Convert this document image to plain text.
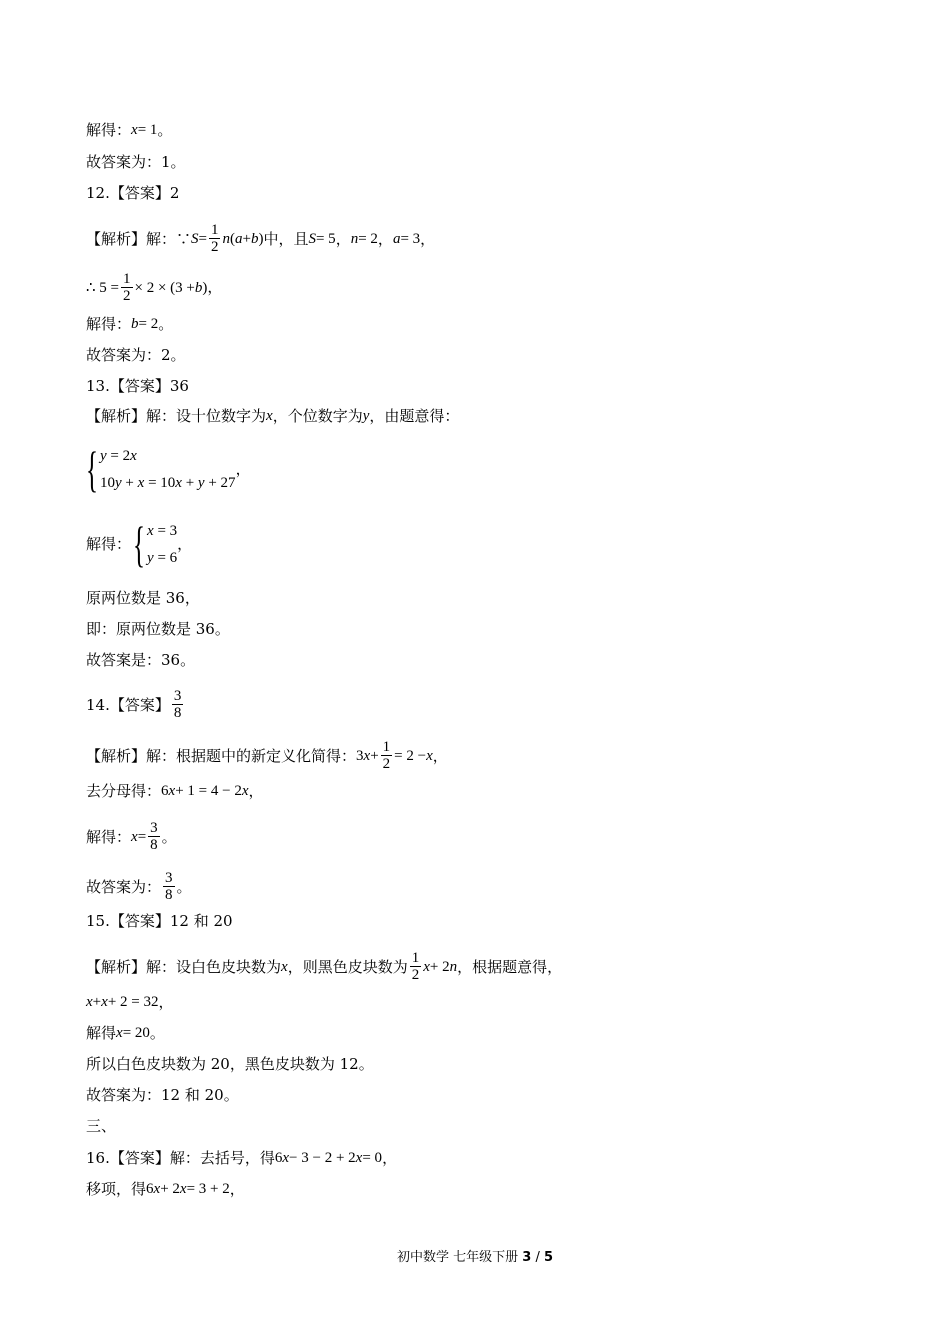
解得： x = 1 。
故答案为：1。
12.【答案】2
【解析】解：∵ $S = \frac{1}{2}$ n ( a + b ) 中，且 S = 5 ， n = 2 ， a = 3 ，
∴ $5 = \frac{1}{2} \times 2 \times (3 + b$ )，
解得： b = 2 。
故答案为：2。
13.【答案】36
【解析】解：设十位数字为 x ，个位数字为 y ，由题意得：
{ y = 2x
10y + x = 10x + y + 27
，
解得： { x = 3
y = 6
，
原两位数是 36，
即：原两位数是 36。
故答案是：36。
14.【答案】 $\frac{3}{8}$
【解析】解：根据题中的新定义化简得： 3 $x + \frac{1}{2} = 2 - x$ ，
去分母得： 6 x + 1 = 4 − 2 x ，
解得： $x = \frac{3}{8}$ 。
故答案为： $\frac{3}{8}$ 。
15.【答案】12 和 20
【解析】解：设白色皮块数为 x ，则黑色皮块数为 $\frac{1}{2}$ x + 2 n ，根据题意得，
x + x + 2 = 32 ，
解得 x = 20 。
所以白色皮块数为 20，黑色皮块数为 12。
故答案为：12 和 20。
三、
16.【答案】解：去括号，得 6 x − 3 − 2 + 2 x = 0 ，
移项，得 6 x + 2 x = 3 + 2 ，
初中数学 七年级下册 3 / 5
